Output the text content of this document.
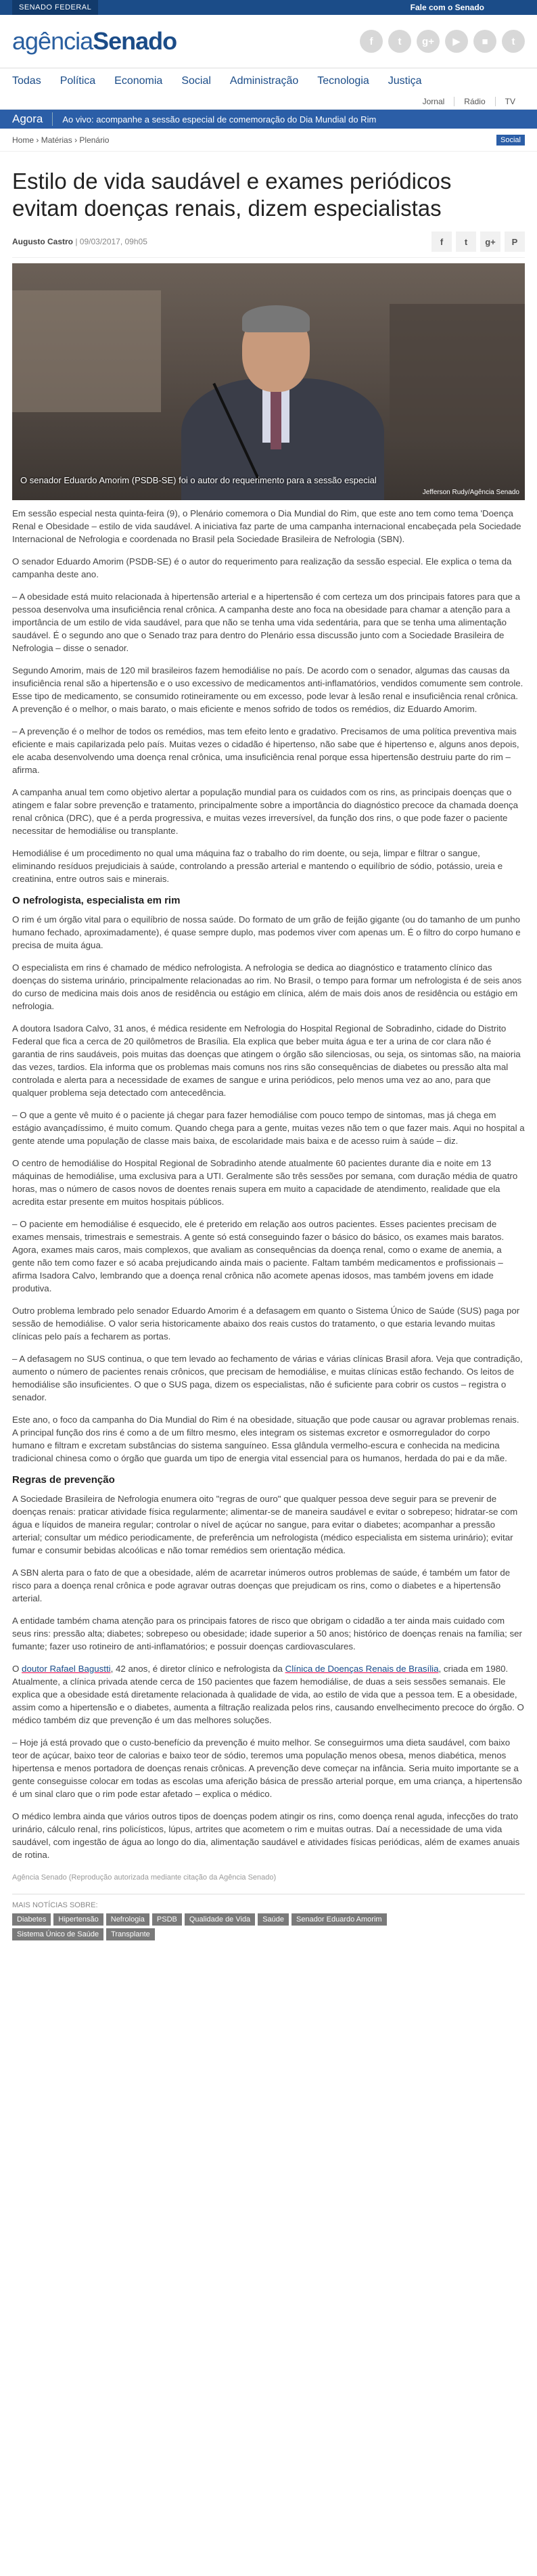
SENADO FEDERAL	Fale com o Senado
agênciaSenado	f	t	g+	▶	■	t
Todas Política Economia Social Administração Tecnologia Justiça
Jornal	Rádio	TV
Agora	Ao vivo: acompanhe a sessão especial de comemoração do Dia Mundial do Rim
Home › Matérias › Plenário	Social
Estilo de vida saudável e exames periódicos evitam doenças renais, dizem especialistas
Augusto Castro | 09/03/2017, 09h05	f	t	g+	P
O senador Eduardo Amorim (PSDB-SE) foi o autor do requerimento para a sessão especial
Jefferson Rudy/Agência Senado

Em sessão especial nesta quinta-feira (9), o Plenário comemora o Dia Mundial do Rim, que este ano tem como tema 'Doença Renal e Obesidade – estilo de vida saudável. A iniciativa faz parte de uma campanha internacional encabeçada pela Sociedade Internacional de Nefrologia e coordenada no Brasil pela Sociedade Brasileira de Nefrologia (SBN).

O senador Eduardo Amorim (PSDB-SE) é o autor do requerimento para realização da sessão especial. Ele explica o tema da campanha deste ano.

– A obesidade está muito relacionada à hipertensão arterial e a hipertensão é com certeza um dos principais fatores para que a pessoa desenvolva uma insuficiência renal crônica. A campanha deste ano foca na obesidade para chamar a atenção para a importância de um estilo de vida saudável, para que não se tenha uma vida sedentária, para que se tenha uma alimentação saudável. É o segundo ano que o Senado traz para dentro do Plenário essa discussão junto com a Sociedade Brasileira de Nefrologia – disse o senador.

Segundo Amorim, mais de 120 mil brasileiros fazem hemodiálise no país. De acordo com o senador, algumas das causas da insuficiência renal são a hipertensão e o uso excessivo de medicamentos anti-inflamatórios, vendidos comumente sem controle. Esse tipo de medicamento, se consumido rotineiramente ou em excesso, pode levar à lesão renal e insuficiência renal crônica. A prevenção é o melhor, o mais barato, o mais eficiente e menos sofrido de todos os remédios, diz Eduardo Amorim.

– A prevenção é o melhor de todos os remédios, mas tem efeito lento e gradativo. Precisamos de uma política preventiva mais eficiente e mais capilarizada pelo país. Muitas vezes o cidadão é hipertenso, não sabe que é hipertenso e, alguns anos depois, ele acaba desenvolvendo uma doença renal crônica, uma insuficiência renal porque essa hipertensão destruiu parte do rim – afirma.

A campanha anual tem como objetivo alertar a população mundial para os cuidados com os rins, as principais doenças que o atingem e falar sobre prevenção e tratamento, principalmente sobre a importância do diagnóstico precoce da chamada doença renal crônica (DRC), que é a perda progressiva, e muitas vezes irreversível, da função dos rins, o que pode fazer o paciente necessitar de hemodiálise ou transplante.

Hemodiálise é um procedimento no qual uma máquina faz o trabalho do rim doente, ou seja, limpar e filtrar o sangue, eliminando resíduos prejudiciais à saúde, controlando a pressão arterial e mantendo o equilíbrio de sódio, potássio, ureia e creatinina, entre outros sais e minerais.

O nefrologista, especialista em rim

O rim é um órgão vital para o equilíbrio de nossa saúde. Do formato de um grão de feijão gigante (ou do tamanho de um punho humano fechado, aproximadamente), é quase sempre duplo, mas podemos viver com apenas um. É o filtro do corpo humano e precisa de muita água.

O especialista em rins é chamado de médico nefrologista. A nefrologia se dedica ao diagnóstico e tratamento clínico das doenças do sistema urinário, principalmente relacionadas ao rim. No Brasil, o tempo para formar um nefrologista é de seis anos do curso de medicina mais dois anos de residência ou estágio em clínica, além de mais dois anos de residência ou estágio em nefrologia.

A doutora Isadora Calvo, 31 anos, é médica residente em Nefrologia do Hospital Regional de Sobradinho, cidade do Distrito Federal que fica a cerca de 20 quilômetros de Brasília. Ela explica que beber muita água e ter a urina de cor clara não é garantia de rins saudáveis, pois muitas das doenças que atingem o órgão são silenciosas, ou seja, os sintomas são, na maioria das vezes, tardios. Ela informa que os problemas mais comuns nos rins são consequências de diabetes ou pressão alta mal controlada e alerta para a necessidade de exames de sangue e urina periódicos, pelo menos uma vez ao ano, para que qualquer problema seja detectado com antecedência.

– O que a gente vê muito é o paciente já chegar para fazer hemodiálise com pouco tempo de sintomas, mas já chega em estágio avançadíssimo, é muito comum. Quando chega para a gente, muitas vezes não tem o que fazer mais. Aqui no hospital a gente atende uma população de classe mais baixa, de escolaridade mais baixa e de acesso ruim à saúde – diz.

O centro de hemodiálise do Hospital Regional de Sobradinho atende atualmente 60 pacientes durante dia e noite em 13 máquinas de hemodiálise, uma exclusiva para a UTI. Geralmente são três sessões por semana, com duração média de quatro horas, mas o número de casos novos de doentes renais supera em muito a capacidade de atendimento, realidade que ela acredita estar presente em muitos hospitais públicos.

– O paciente em hemodiálise é esquecido, ele é preterido em relação aos outros pacientes. Esses pacientes precisam de exames mensais, trimestrais e semestrais. A gente só está conseguindo fazer o básico do básico, os exames mais baratos. Agora, exames mais caros, mais complexos, que avaliam as consequências da doença renal, como o exame de anemia, a gente não tem como fazer e só acaba prejudicando ainda mais o paciente. Faltam também medicamentos e profissionais – afirma Isadora Calvo, lembrando que a doença renal crônica não acomete apenas idosos, mas também jovens em idade produtiva.

Outro problema lembrado pelo senador Eduardo Amorim é a defasagem em quanto o Sistema Único de Saúde (SUS) paga por sessão de hemodiálise. O valor seria historicamente abaixo dos reais custos do tratamento, o que estaria levando muitas clínicas pelo país a fecharem as portas.

– A defasagem no SUS continua, o que tem levado ao fechamento de várias e várias clínicas Brasil afora. Veja que contradição, aumento o número de pacientes renais crônicos, que precisam de hemodiálise, e muitas clínicas estão fechando. Os leitos de hemodiálise são insuficientes. O que o SUS paga, dizem os especialistas, não é suficiente para cobrir os custos – registra o senador.

Este ano, o foco da campanha do Dia Mundial do Rim é na obesidade, situação que pode causar ou agravar problemas renais. A principal função dos rins é como a de um filtro mesmo, eles integram os sistemas excretor e osmorregulador do corpo humano e filtram e excretam substâncias do sistema sanguíneo. Essa glândula vermelho-escura e conhecida na medicina tradicional chinesa como o órgão que guarda um tipo de energia vital essencial para os humanos, herdada do pai e da mãe.

Regras de prevenção

A Sociedade Brasileira de Nefrologia enumera oito "regras de ouro" que qualquer pessoa deve seguir para se prevenir de doenças renais: praticar atividade física regularmente; alimentar-se de maneira saudável e evitar o sobrepeso; hidratar-se com água e líquidos de maneira regular; controlar o nível de açúcar no sangue, para evitar o diabetes; acompanhar a pressão arterial; consultar um médico periodicamente, de preferência um nefrologista (médico especialista em sistema urinário); evitar fumar e consumir bebidas alcoólicas e não tomar remédios sem orientação médica.

A SBN alerta para o fato de que a obesidade, além de acarretar inúmeros outros problemas de saúde, é também um fator de risco para a doença renal crônica e pode agravar outras doenças que prejudicam os rins, como o diabetes e a hipertensão arterial.

A entidade também chama atenção para os principais fatores de risco que obrigam o cidadão a ter ainda mais cuidado com seus rins: pressão alta; diabetes; sobrepeso ou obesidade; idade superior a 50 anos; histórico de doenças renais na família; ser fumante; fazer uso rotineiro de anti-inflamatórios; e possuir doenças cardiovasculares.

O doutor Rafael Bagustti, 42 anos, é diretor clínico e nefrologista da Clínica de Doenças Renais de Brasília, criada em 1980. Atualmente, a clínica privada atende cerca de 150 pacientes que fazem hemodiálise, de duas a seis sessões semanais. Ele explica que a obesidade está diretamente relacionada à qualidade de vida, ao estilo de vida que a pessoa tem. E a obesidade, assim como a hipertensão e o diabetes, aumenta a filtração realizada pelos rins, causando envelhecimento precoce do órgão. O médico também diz que prevenção é um das melhores soluções.

– Hoje já está provado que o custo-benefício da prevenção é muito melhor. Se conseguirmos uma dieta saudável, com baixo teor de açúcar, baixo teor de calorias e baixo teor de sódio, teremos uma população menos obesa, menos diabética, menos hipertensa e menos portadora de doenças renais crônicas. A prevenção deve começar na infância. Seria muito importante se a gente conseguisse colocar em todas as escolas uma aferição básica de pressão arterial porque, em uma criança, a hipertensão é um sinal claro que o rim pode estar afetado – explica o médico.

O médico lembra ainda que vários outros tipos de doenças podem atingir os rins, como doença renal aguda, infecções do trato urinário, cálculo renal, rins policísticos, lúpus, artrites que acometem o rim e muitas outras. Daí a necessidade de uma vida saudável, com ingestão de água ao longo do dia, alimentação saudável e atividades físicas periódicas, além de exames anuais de rotina.

Agência Senado (Reprodução autorizada mediante citação da Agência Senado)
MAIS NOTÍCIAS SOBRE:
Diabetes	Hipertensão	Nefrologia	PSDB	Qualidade de Vida	Saúde	Senador Eduardo Amorim
Sistema Único de Saúde	Transplante
